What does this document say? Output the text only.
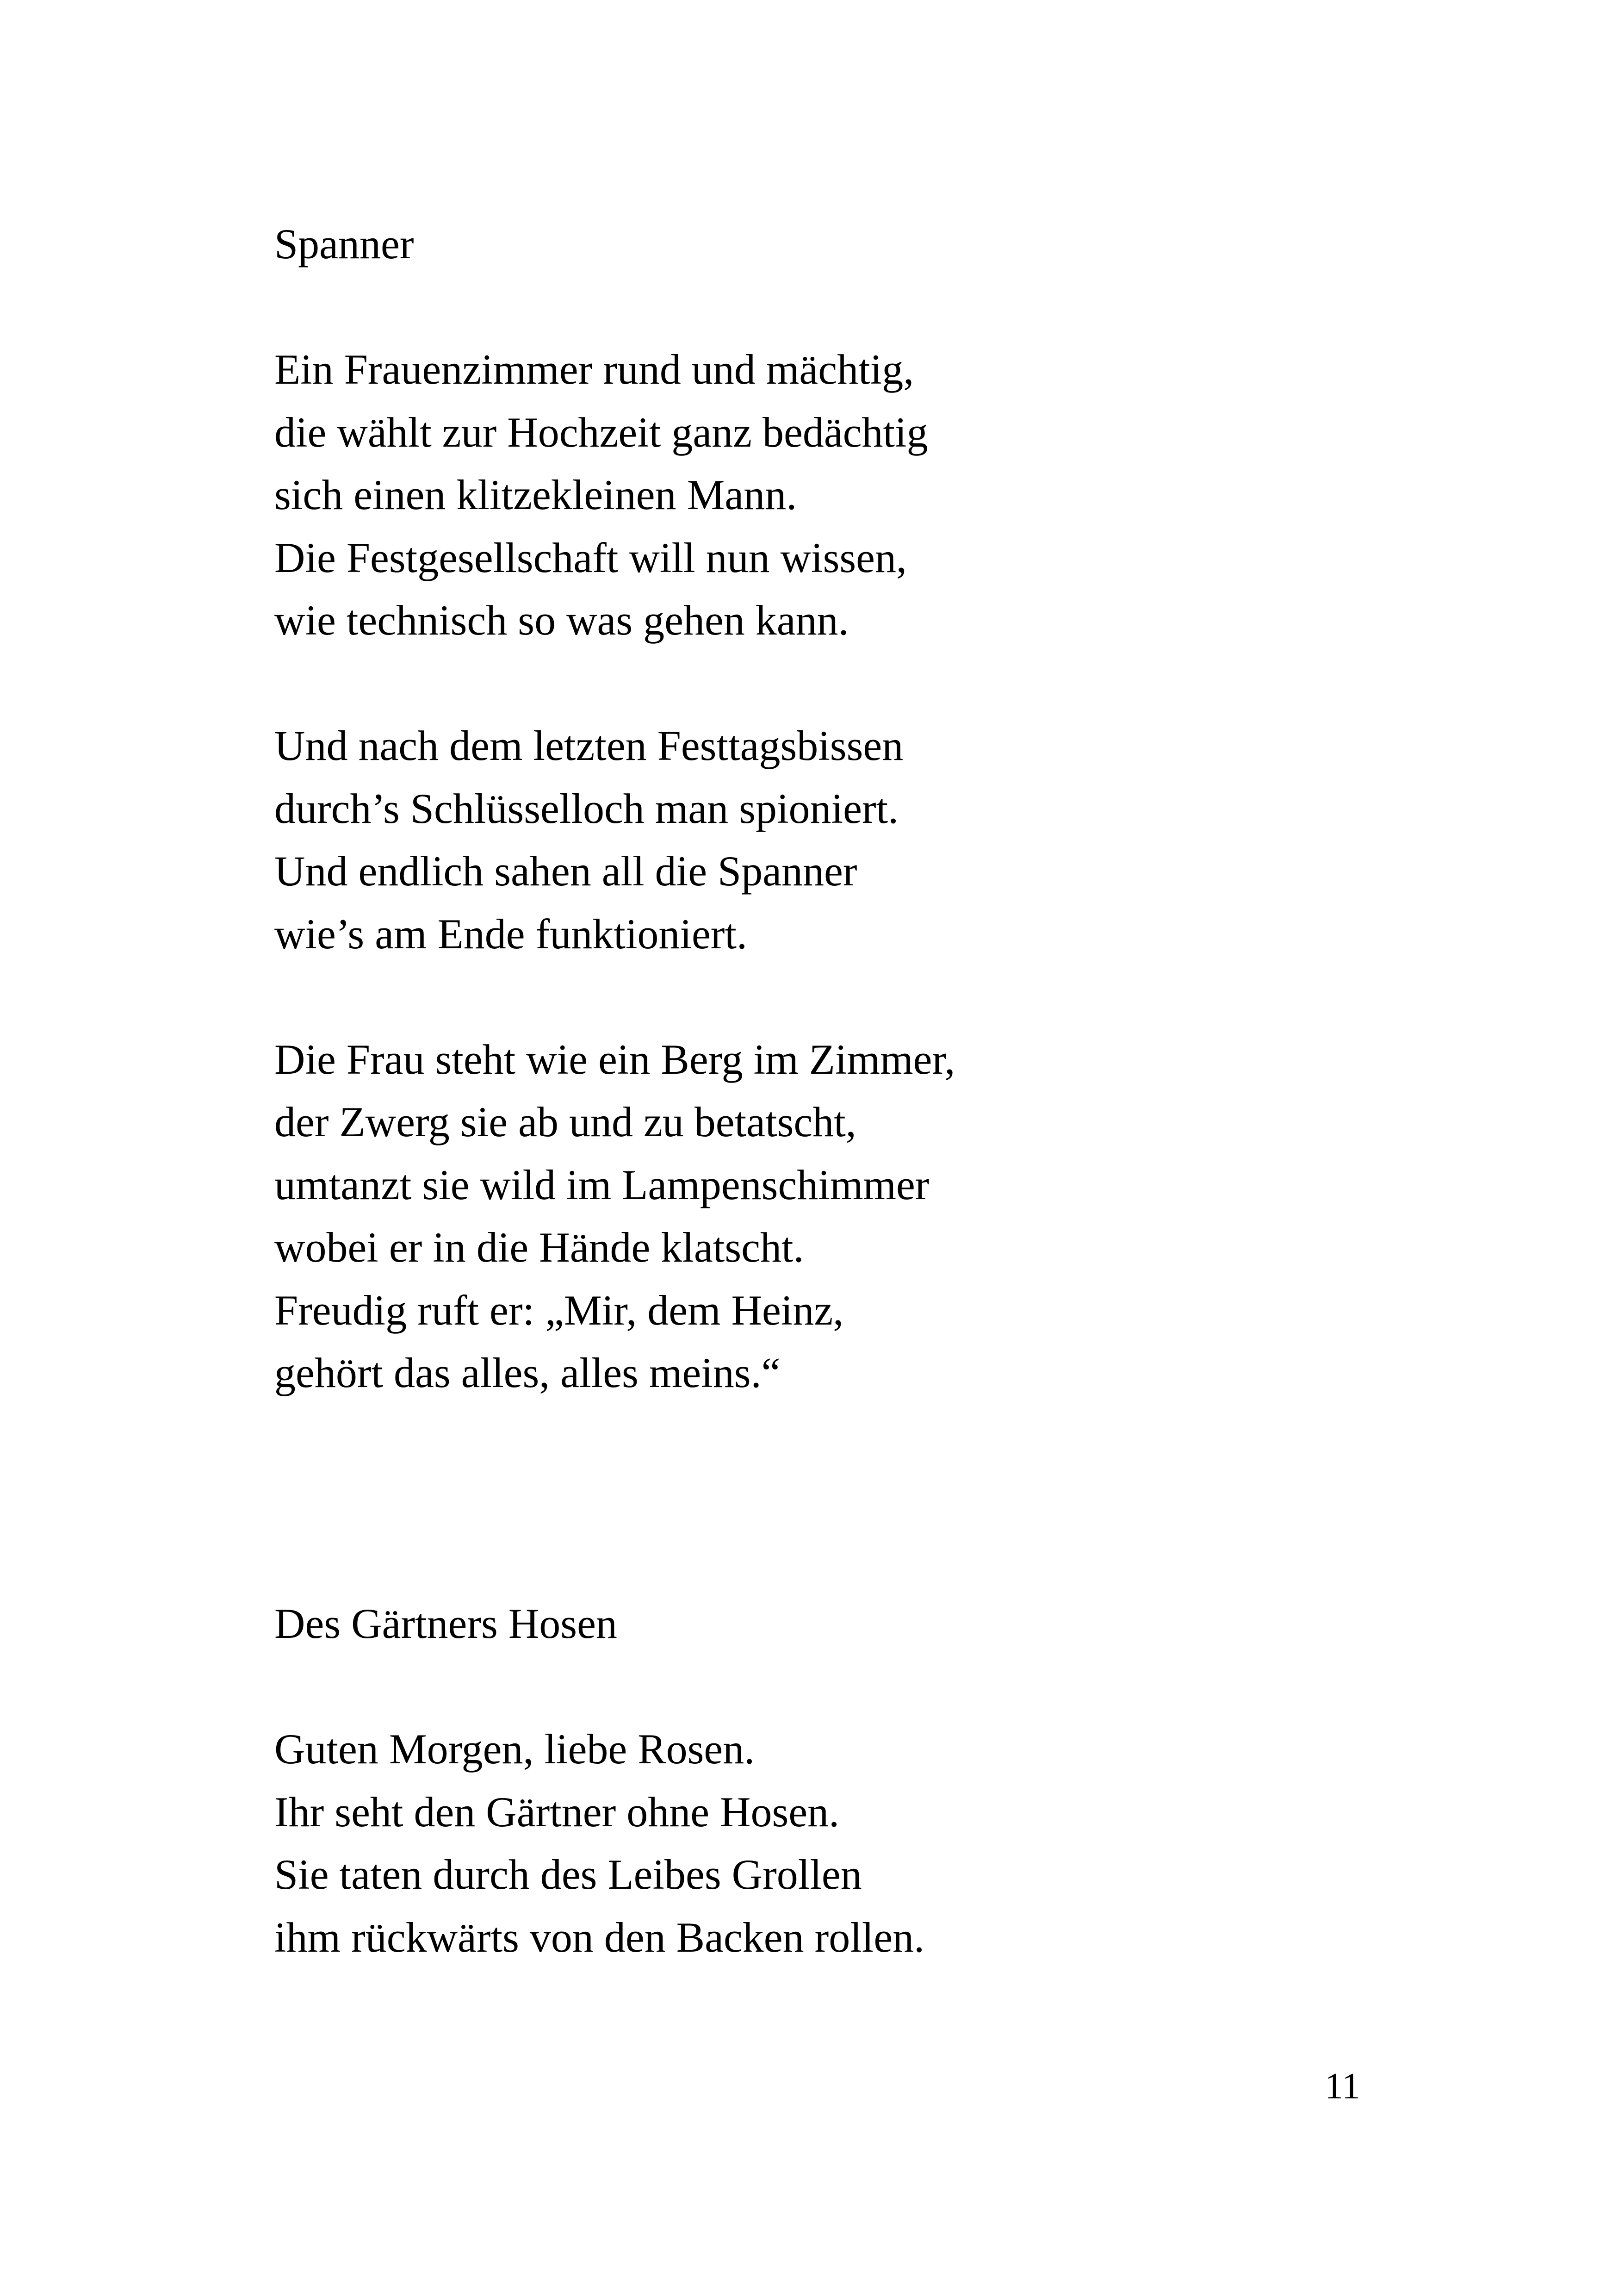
Spanner

Ein Frauenzimmer rund und mächtig,
die wählt zur Hochzeit ganz bedächtig
sich einen klitzekleinen Mann.
Die Festgesellschaft will nun wissen,
wie technisch so was gehen kann.

Und nach dem letzten Festtagsbissen
durch’s Schlüsselloch man spioniert.
Und endlich sahen all die Spanner
wie’s am Ende funktioniert.

Die Frau steht wie ein Berg im Zimmer,
der Zwerg sie ab und zu betatscht,
umtanzt sie wild im Lampenschimmer
wobei er in die Hände klatscht.
Freudig ruft er: „Mir, dem Heinz,
gehört das alles, alles meins.“

Des Gärtners Hosen

Guten Morgen, liebe Rosen.
Ihr seht den Gärtner ohne Hosen.
Sie taten durch des Leibes Grollen
ihm rückwärts von den Backen rollen.

11
